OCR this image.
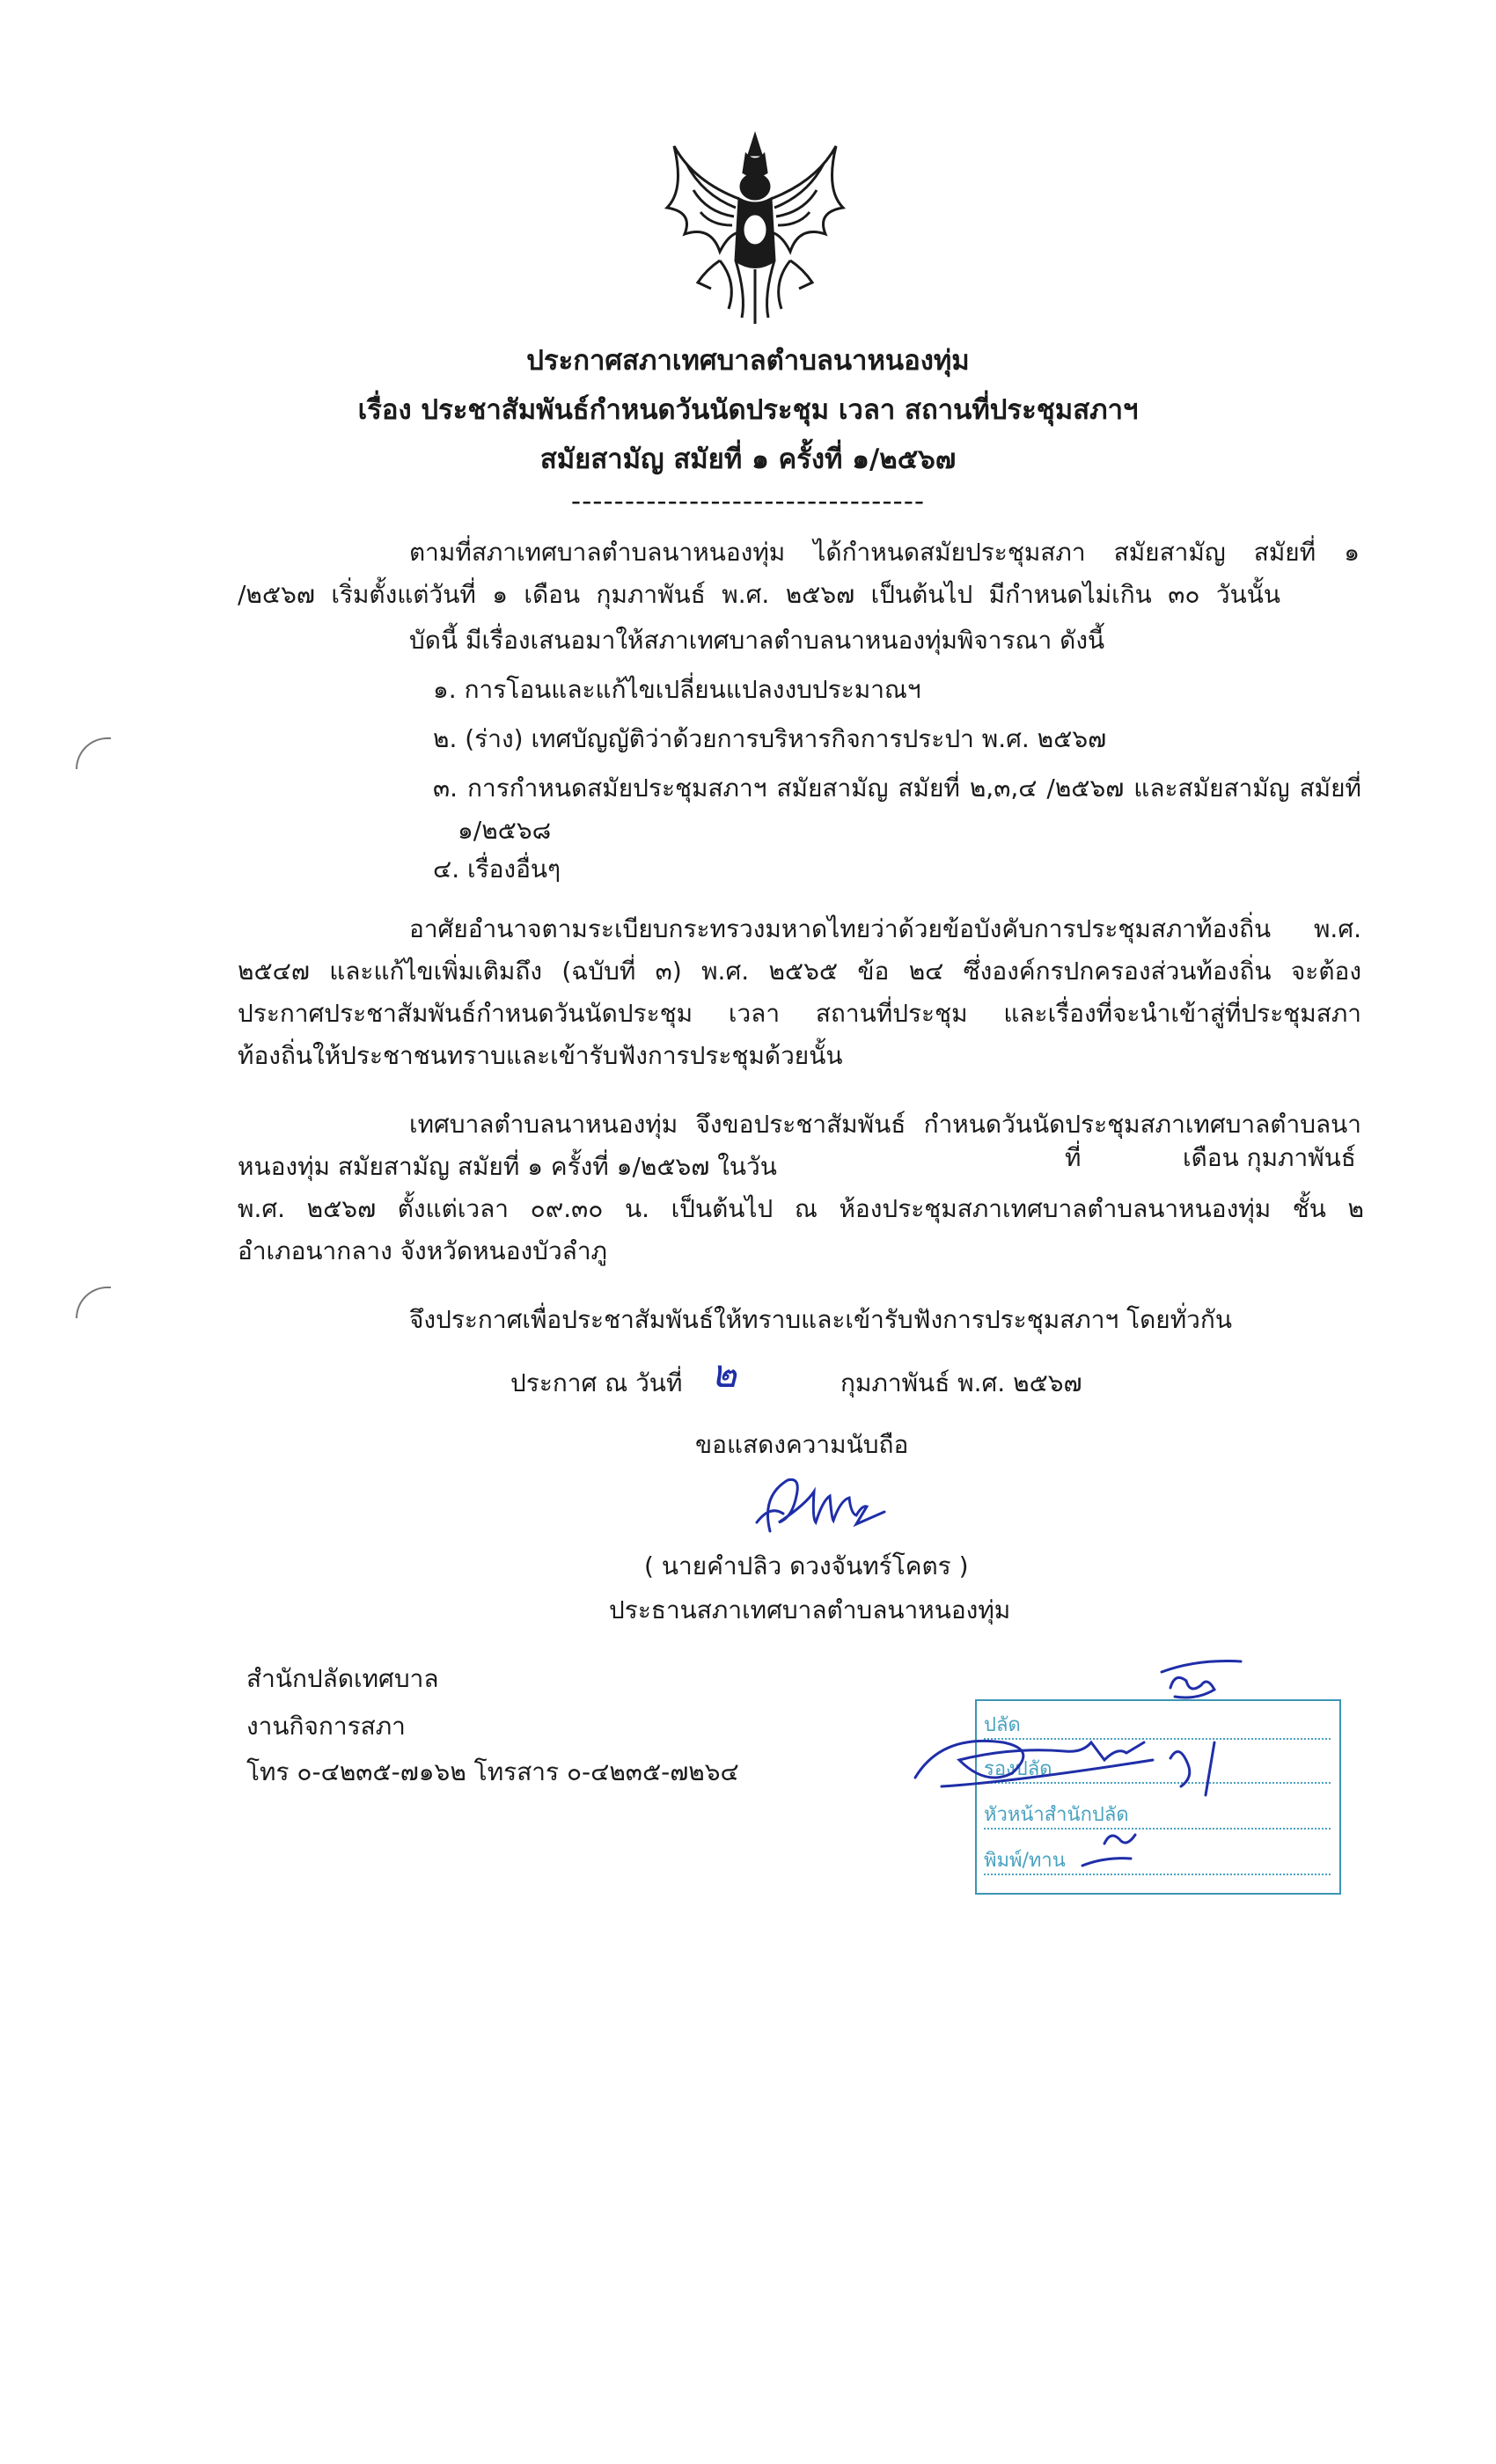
ประกาศสภาเทศบาลตำบลนาหนองทุ่ม
เรื่อง ประชาสัมพันธ์กำหนดวันนัดประชุม เวลา สถานที่ประชุมสภาฯ
สมัยสามัญ สมัยที่ ๑ ครั้งที่ ๑/๒๕๖๗
---------------------------------
ตามที่สภาเทศบาลตำบลนาหนองทุ่ม ได้กำหนดสมัยประชุมสภา สมัยสามัญ สมัยที่ ๑
/๒๕๖๗ เริ่มตั้งแต่วันที่ ๑ เดือน กุมภาพันธ์ พ.ศ. ๒๕๖๗ เป็นต้นไป มีกำหนดไม่เกิน ๓๐ วันนั้น
บัดนี้ มีเรื่องเสนอมาให้สภาเทศบาลตำบลนาหนองทุ่มพิจารณา ดังนี้
๑. การโอนและแก้ไขเปลี่ยนแปลงงบประมาณฯ
๒. (ร่าง) เทศบัญญัติว่าด้วยการบริหารกิจการประปา พ.ศ. ๒๕๖๗
๓. การกำหนดสมัยประชุมสภาฯ สมัยสามัญ สมัยที่ ๒,๓,๔ /๒๕๖๗ และสมัยสามัญ สมัยที่
๑/๒๕๖๘
๔. เรื่องอื่นๆ
อาศัยอำนาจตามระเบียบกระทรวงมหาดไทยว่าด้วยข้อบังคับการประชุมสภาท้องถิ่น พ.ศ.
๒๕๔๗ และแก้ไขเพิ่มเติมถึง (ฉบับที่ ๓) พ.ศ. ๒๕๖๕ ข้อ ๒๔ ซึ่งองค์กรปกครองส่วนท้องถิ่น จะต้อง
ประกาศประชาสัมพันธ์กำหนดวันนัดประชุม เวลา สถานที่ประชุม และเรื่องที่จะนำเข้าสู่ที่ประชุมสภา
ท้องถิ่นให้ประชาชนทราบและเข้ารับฟังการประชุมด้วยนั้น
เทศบาลตำบลนาหนองทุ่ม จึงขอประชาสัมพันธ์ กำหนดวันนัดประชุมสภาเทศบาลตำบลนา
หนองทุ่ม สมัยสามัญ สมัยที่ ๑ ครั้งที่ ๑/๒๕๖๗ ในวัน	ที่	เดือน กุมภาพันธ์
พ.ศ. ๒๕๖๗ ตั้งแต่เวลา ๐๙.๓๐ น. เป็นต้นไป ณ ห้องประชุมสภาเทศบาลตำบลนาหนองทุ่ม ชั้น ๒
อำเภอนากลาง จังหวัดหนองบัวลำภู
จึงประกาศเพื่อประชาสัมพันธ์ให้ทราบและเข้ารับฟังการประชุมสภาฯ โดยทั่วกัน
ประกาศ ณ วันที่ ๒	กุมภาพันธ์ พ.ศ. ๒๕๖๗
ขอแสดงความนับถือ
( นายคำปลิว ดวงจันทร์โคตร )
ประธานสภาเทศบาลตำบลนาหนองทุ่ม
สำนักปลัดเทศบาล
งานกิจการสภา
โทร ๐-๔๒๓๕-๗๑๖๒ โทรสาร ๐-๔๒๓๕-๗๒๖๔
ปลัด
รองปลัด
หัวหน้าสำนักปลัด
พิมพ์/ทาน
